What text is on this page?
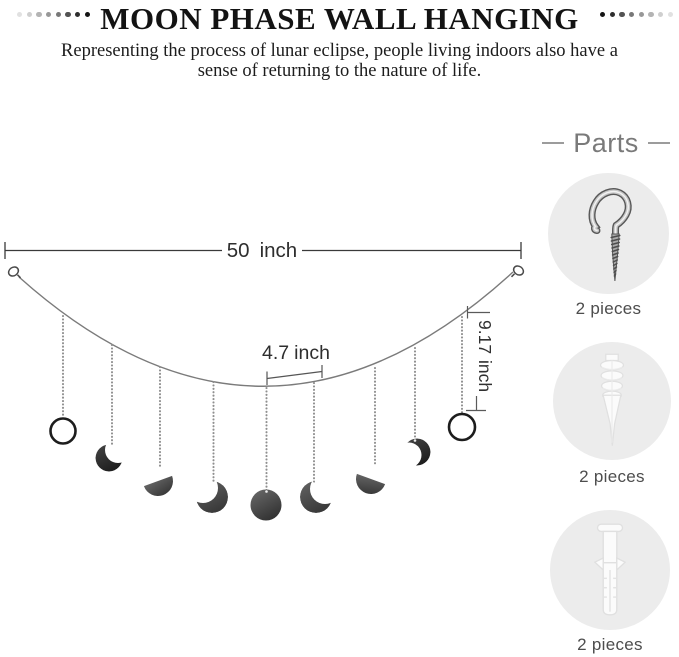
MOON PHASE WALL HANGING
Representing the process of lunar eclipse, people living indoors also have a
sense of returning to the nature of life.
50 inch
4.7 inch	9.17inch
Parts
2 pieces
2 pieces
2 pieces
